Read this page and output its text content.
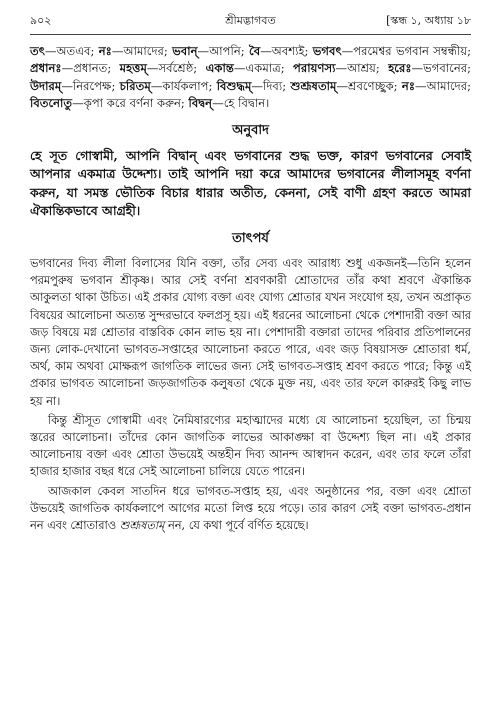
৯০২	শ্রীমদ্ভাগবত	[স্কন্ধ ১, অধ্যায় ১৮

তৎ—অতএব; নঃ—আমাদের; ভবান্—আপনি; বৈ—অবশ্যই; ভগবৎ—পরমেশ্বর ভগবান সম্বন্ধীয়; প্রধানঃ—প্রধানত; মহত্তম্—সর্বশ্রেষ্ঠ; একান্ত—একমাত্র; পরায়ণস্য—আশ্রয়; হরেঃ—ভগবানের; উদারম্—নিরপেক্ষ; চরিতম্—কার্যকলাপ; বিশুদ্ধম্—দিব্য; শুশ্রূষতাম্—শ্রবণেচ্ছুক; নঃ—আমাদের; বিতনোতু—কৃপা করে বর্ণনা করুন; বিদ্বন্—হে বিদ্বান।

অনুবাদ

হে সূত গোস্বামী, আপনি বিদ্বান্ এবং ভগবানের শুদ্ধ ভক্ত, কারণ ভগবানের সেবাই আপনার একমাত্র উদ্দেশ্য। তাই আপনি দয়া করে আমাদের ভগবানের লীলাসমূহ বর্ণনা করুন, যা সমস্ত ভৌতিক বিচার ধারার অতীত, কেননা, সেই বাণী গ্রহণ করতে আমরা ঐকান্তিকভাবে আগ্রহী।

তাৎপর্য

ভগবানের দিব্য লীলা বিলাসের যিনি বক্তা, তাঁর সেব্য এবং আরাধ্য শুধু একজনই—তিনি হলেন পরমপুরুষ ভগবান শ্রীকৃষ্ণ। আর সেই বর্ণনা শ্রবণকারী শ্রোতাদের তাঁর কথা শ্রবণে ঐকান্তিক আকুলতা থাকা উচিত। এই প্রকার যোগ্য বক্তা এবং যোগ্য শ্রোতার যখন সংযোগ হয়, তখন অপ্রাকৃত বিষয়ের আলোচনা অত্যন্ত সুন্দরভাবে ফলপ্রসূ হয়। এই ধরনের আলোচনা থেকে পেশাদারী বক্তা আর জড় বিষয়ে মগ্ন শ্রোতার বাস্তবিক কোন লাভ হয় না। পেশাদারী বক্তারা তাদের পরিবার প্রতিপালনের জন্য লোক-দেখানো ভাগবত-সপ্তাহের আলোচনা করতে পারে, এবং জড় বিষয়াসক্ত শ্রোতারা ধর্ম, অর্থ, কাম অথবা মোক্ষরূপ জাগতিক লাভের জন্য সেই ভাগবত-সপ্তাহ শ্রবণ করতে পারে; কিন্তু এই প্রকার ভাগবত আলোচনা জড়জাগতিক কলুষতা থেকে মুক্ত নয়, এবং তার ফলে কারুরই কিছু লাভ হয় না।

কিন্তু শ্রীসূত গোস্বামী এবং নৈমিষারণ্যের মহাত্মাদের মধ্যে যে আলোচনা হয়েছিল, তা চিন্ময় স্তরের আলোচনা। তাঁদের কোন জাগতিক লাভের আকাঙ্ক্ষা বা উদ্দেশ্য ছিল না। এই প্রকার আলোচনায় বক্তা এবং শ্রোতা উভয়েই অন্তহীন দিব্য আনন্দ আস্বাদন করেন, এবং তার ফলে তাঁরা হাজার হাজার বছর ধরে সেই আলোচনা চালিয়ে যেতে পারেন।

আজকাল কেবল সাতদিন ধরে ভাগবত-সপ্তাহ হয়, এবং অনুষ্ঠানের পর, বক্তা এবং শ্রোতা উভয়েই জাগতিক কার্যকলাপে আগের মতো লিপ্ত হয়ে পড়ে। তার কারণ সেই বক্তা ভাগবত-প্রধান নন এবং শ্রোতারাও শুশ্রূষতাম্ নন, যে কথা পূর্বে বর্ণিত হয়েছে।
